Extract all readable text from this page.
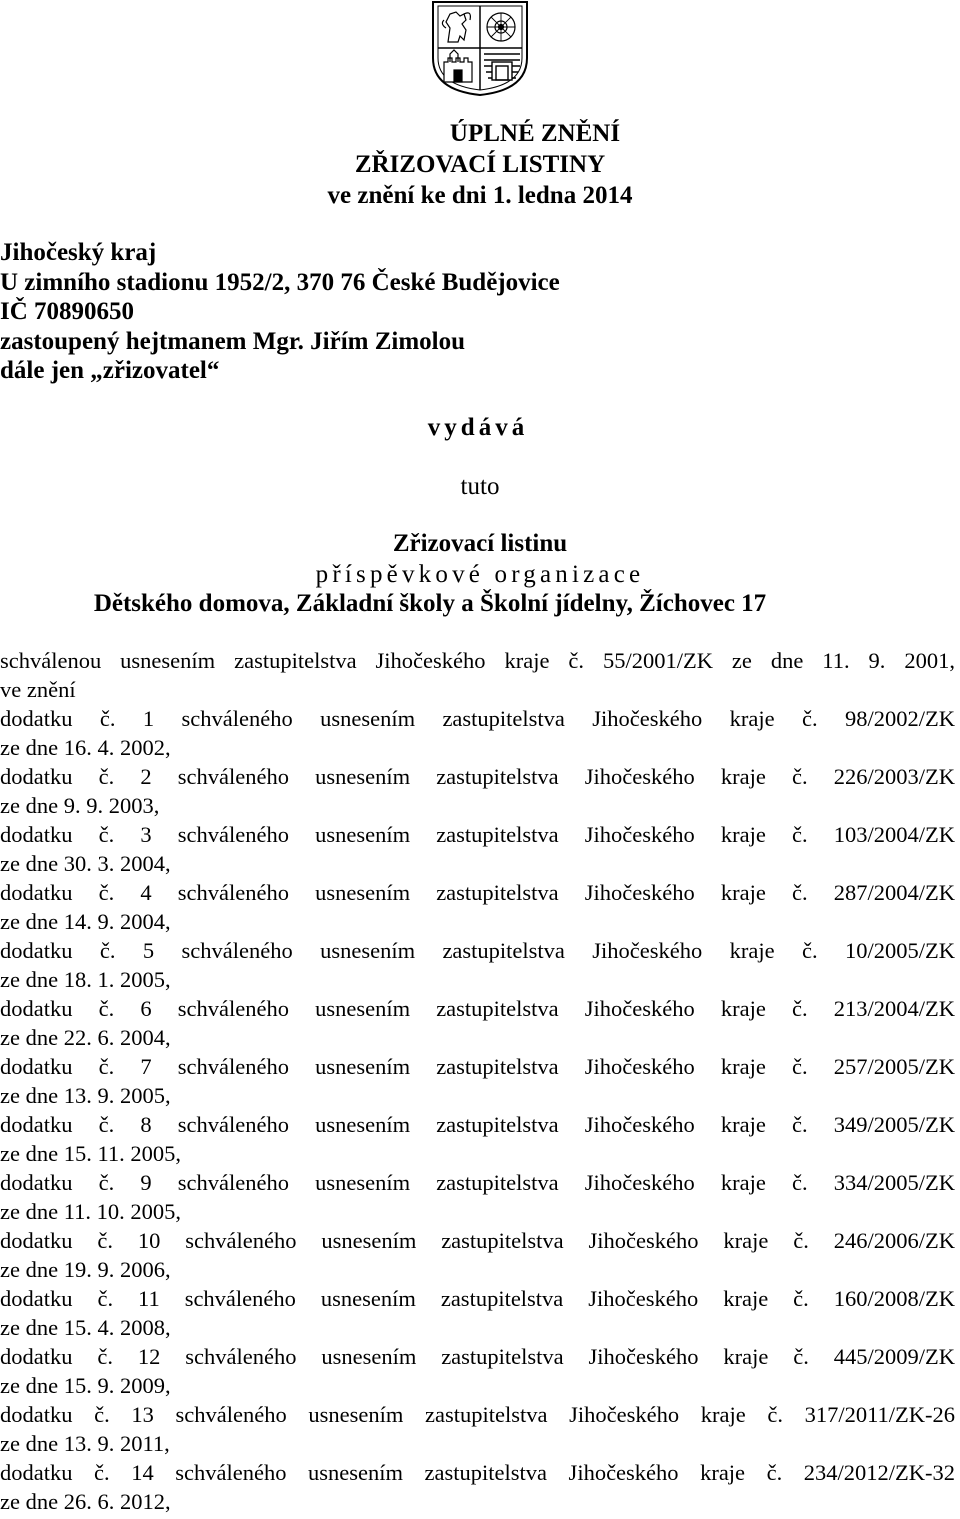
ÚPLNÉ ZNĚNÍ
ZŘIZOVACÍ LISTINY
ve znění ke dni 1. ledna 2014
Jihočeský kraj
U zimního stadionu 1952/2, 370 76 České Budějovice
IČ 70890650
zastoupený hejtmanem Mgr. Jiřím Zimolou
dále jen „zřizovatel“
vydává
tuto
Zřizovací listinu
příspěvkové organizace
Dětského domova, Základní školy a Školní jídelny, Žíchovec 17
schválenou usnesením zastupitelstva Jihočeského kraje č. 55/2001/ZK ze dne 11. 9. 2001,
ve znění
dodatku č. 1 schváleného usnesením zastupitelstva Jihočeského kraje č. 98/2002/ZK
ze dne 16. 4. 2002,
dodatku č. 2 schváleného usnesením zastupitelstva Jihočeského kraje č. 226/2003/ZK
ze dne 9. 9. 2003,
dodatku č. 3 schváleného usnesením zastupitelstva Jihočeského kraje č. 103/2004/ZK
ze dne 30. 3. 2004,
dodatku č. 4 schváleného usnesením zastupitelstva Jihočeského kraje č. 287/2004/ZK
ze dne 14. 9. 2004,
dodatku č. 5 schváleného usnesením zastupitelstva Jihočeského kraje č. 10/2005/ZK
ze dne 18. 1. 2005,
dodatku č. 6 schváleného usnesením zastupitelstva Jihočeského kraje č. 213/2004/ZK
ze dne 22. 6. 2004,
dodatku č. 7 schváleného usnesením zastupitelstva Jihočeského kraje č. 257/2005/ZK
ze dne 13. 9. 2005,
dodatku č. 8 schváleného usnesením zastupitelstva Jihočeského kraje č. 349/2005/ZK
ze dne 15. 11. 2005,
dodatku č. 9 schváleného usnesením zastupitelstva Jihočeského kraje č. 334/2005/ZK
ze dne 11. 10. 2005,
dodatku č. 10 schváleného usnesením zastupitelstva Jihočeského kraje č. 246/2006/ZK
ze dne 19. 9. 2006,
dodatku č. 11 schváleného usnesením zastupitelstva Jihočeského kraje č. 160/2008/ZK
ze dne 15. 4. 2008,
dodatku č. 12 schváleného usnesením zastupitelstva Jihočeského kraje č. 445/2009/ZK
ze dne 15. 9. 2009,
dodatku č. 13 schváleného usnesením zastupitelstva Jihočeského kraje č. 317/2011/ZK-26
ze dne 13. 9. 2011,
dodatku č. 14 schváleného usnesením zastupitelstva Jihočeského kraje č. 234/2012/ZK-32
ze dne 26. 6. 2012,
